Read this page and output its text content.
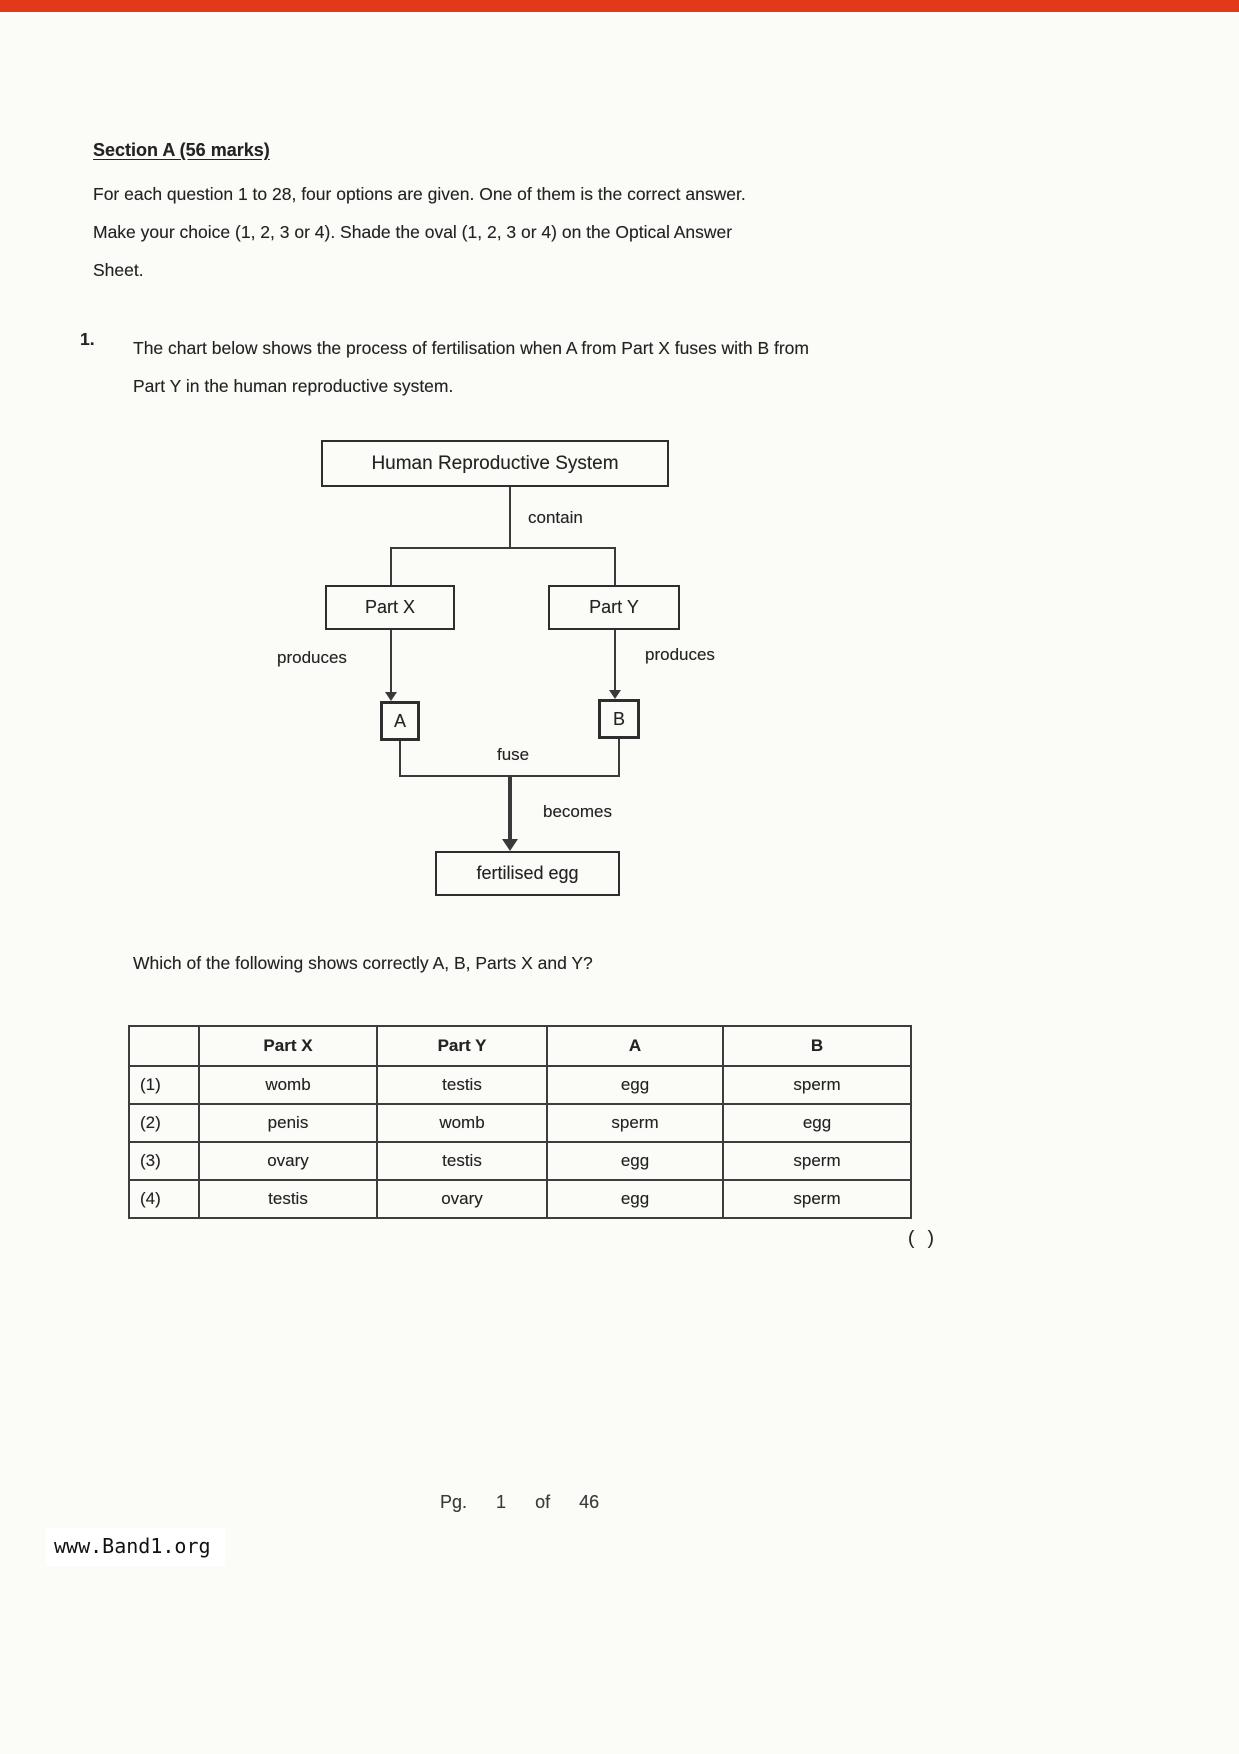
Section A (56 marks)
For each question 1 to 28, four options are given. One of them is the correct answer.
Make your choice (1, 2, 3 or 4). Shade the oval (1, 2, 3 or 4) on the Optical Answer
Sheet.
1. The chart below shows the process of fertilisation when A from Part X fuses with B from
Part Y in the human reproductive system.
Human Reproductive System
contain
Part X	Part Y
produces	produces
A	B
fuse
becomes
fertilised egg
Which of the following shows correctly A, B, Parts X and Y?
	Part X	Part Y	A	B
(1)	womb	testis	egg	sperm
(2)	penis	womb	sperm	egg
(3)	ovary	testis	egg	sperm
(4)	testis	ovary	egg	sperm
( )
Pg. 1 of 46
www.Band1.org
